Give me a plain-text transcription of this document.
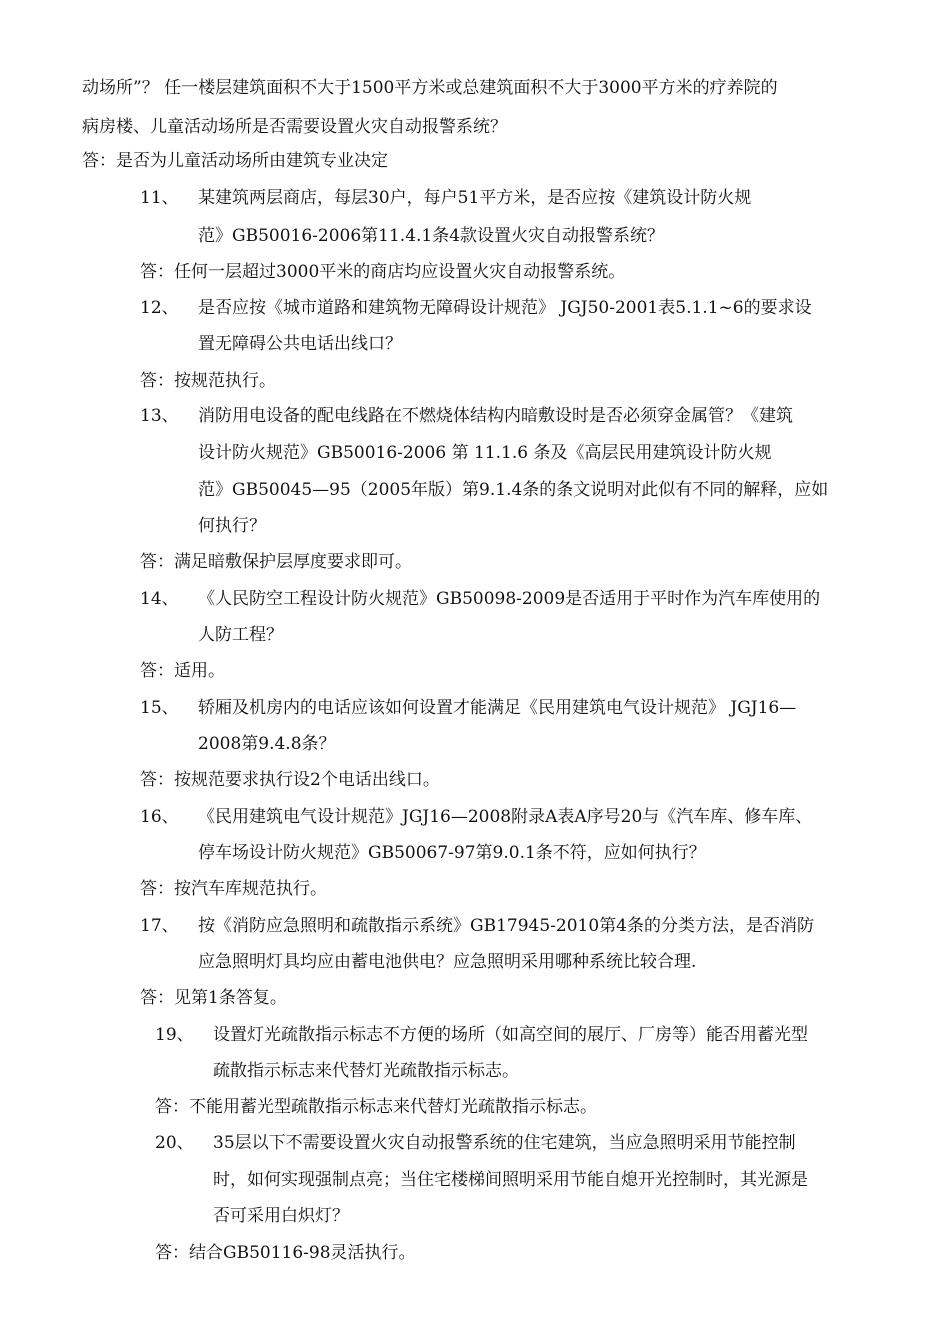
动场所”？ 任一楼层建筑面积不大于1500平方米或总建筑面积不大于3000平方米的疗养院的
病房楼、儿童活动场所是否需要设置火灾自动报警系统？
答：是否为儿童活动场所由建筑专业决定
11、 某建筑两层商店，每层30户，每户51平方米，是否应按《建筑设计防火规
范》GB50016-2006第11.4.1条4款设置火灾自动报警系统？
答：任何一层超过3000平米的商店均应设置火灾自动报警系统。
12、 是否应按《城市道路和建筑物无障碍设计规范》 JGJ50-2001表5.1.1~6的要求设
置无障碍公共电话出线口？
答：按规范执行。
13、 消防用电设备的配电线路在不燃烧体结构内暗敷设时是否必须穿金属管？《建筑
设计防火规范》GB50016-2006 第 11.1.6 条及《高层民用建筑设计防火规
范》GB50045—95（2005年版）第9.1.4条的条文说明对此似有不同的解释，应如
何执行？
答：满足暗敷保护层厚度要求即可。
14、 《人民防空工程设计防火规范》GB50098-2009是否适用于平时作为汽车库使用的
人防工程？
答：适用。
15、 轿厢及机房内的电话应该如何设置才能满足《民用建筑电气设计规范》 JGJ16—
2008第9.4.8条？
答：按规范要求执行设2个电话出线口。
16、 《民用建筑电气设计规范》JGJ16—2008附录A表A序号20与《汽车库、修车库、
停车场设计防火规范》GB50067-97第9.0.1条不符，应如何执行？
答：按汽车库规范执行。
17、 按《消防应急照明和疏散指示系统》GB17945-2010第4条的分类方法，是否消防
应急照明灯具均应由蓄电池供电？应急照明采用哪种系统比较合理.
答：见第1条答复。
19、 设置灯光疏散指示标志不方便的场所（如高空间的展厅、厂房等）能否用蓄光型
疏散指示标志来代替灯光疏散指示标志。
答：不能用蓄光型疏散指示标志来代替灯光疏散指示标志。
20、 35层以下不需要设置火灾自动报警系统的住宅建筑，当应急照明采用节能控制
时，如何实现强制点亮；当住宅楼梯间照明采用节能自熄开光控制时，其光源是
否可采用白炽灯？
答：结合GB50116-98灵活执行。
